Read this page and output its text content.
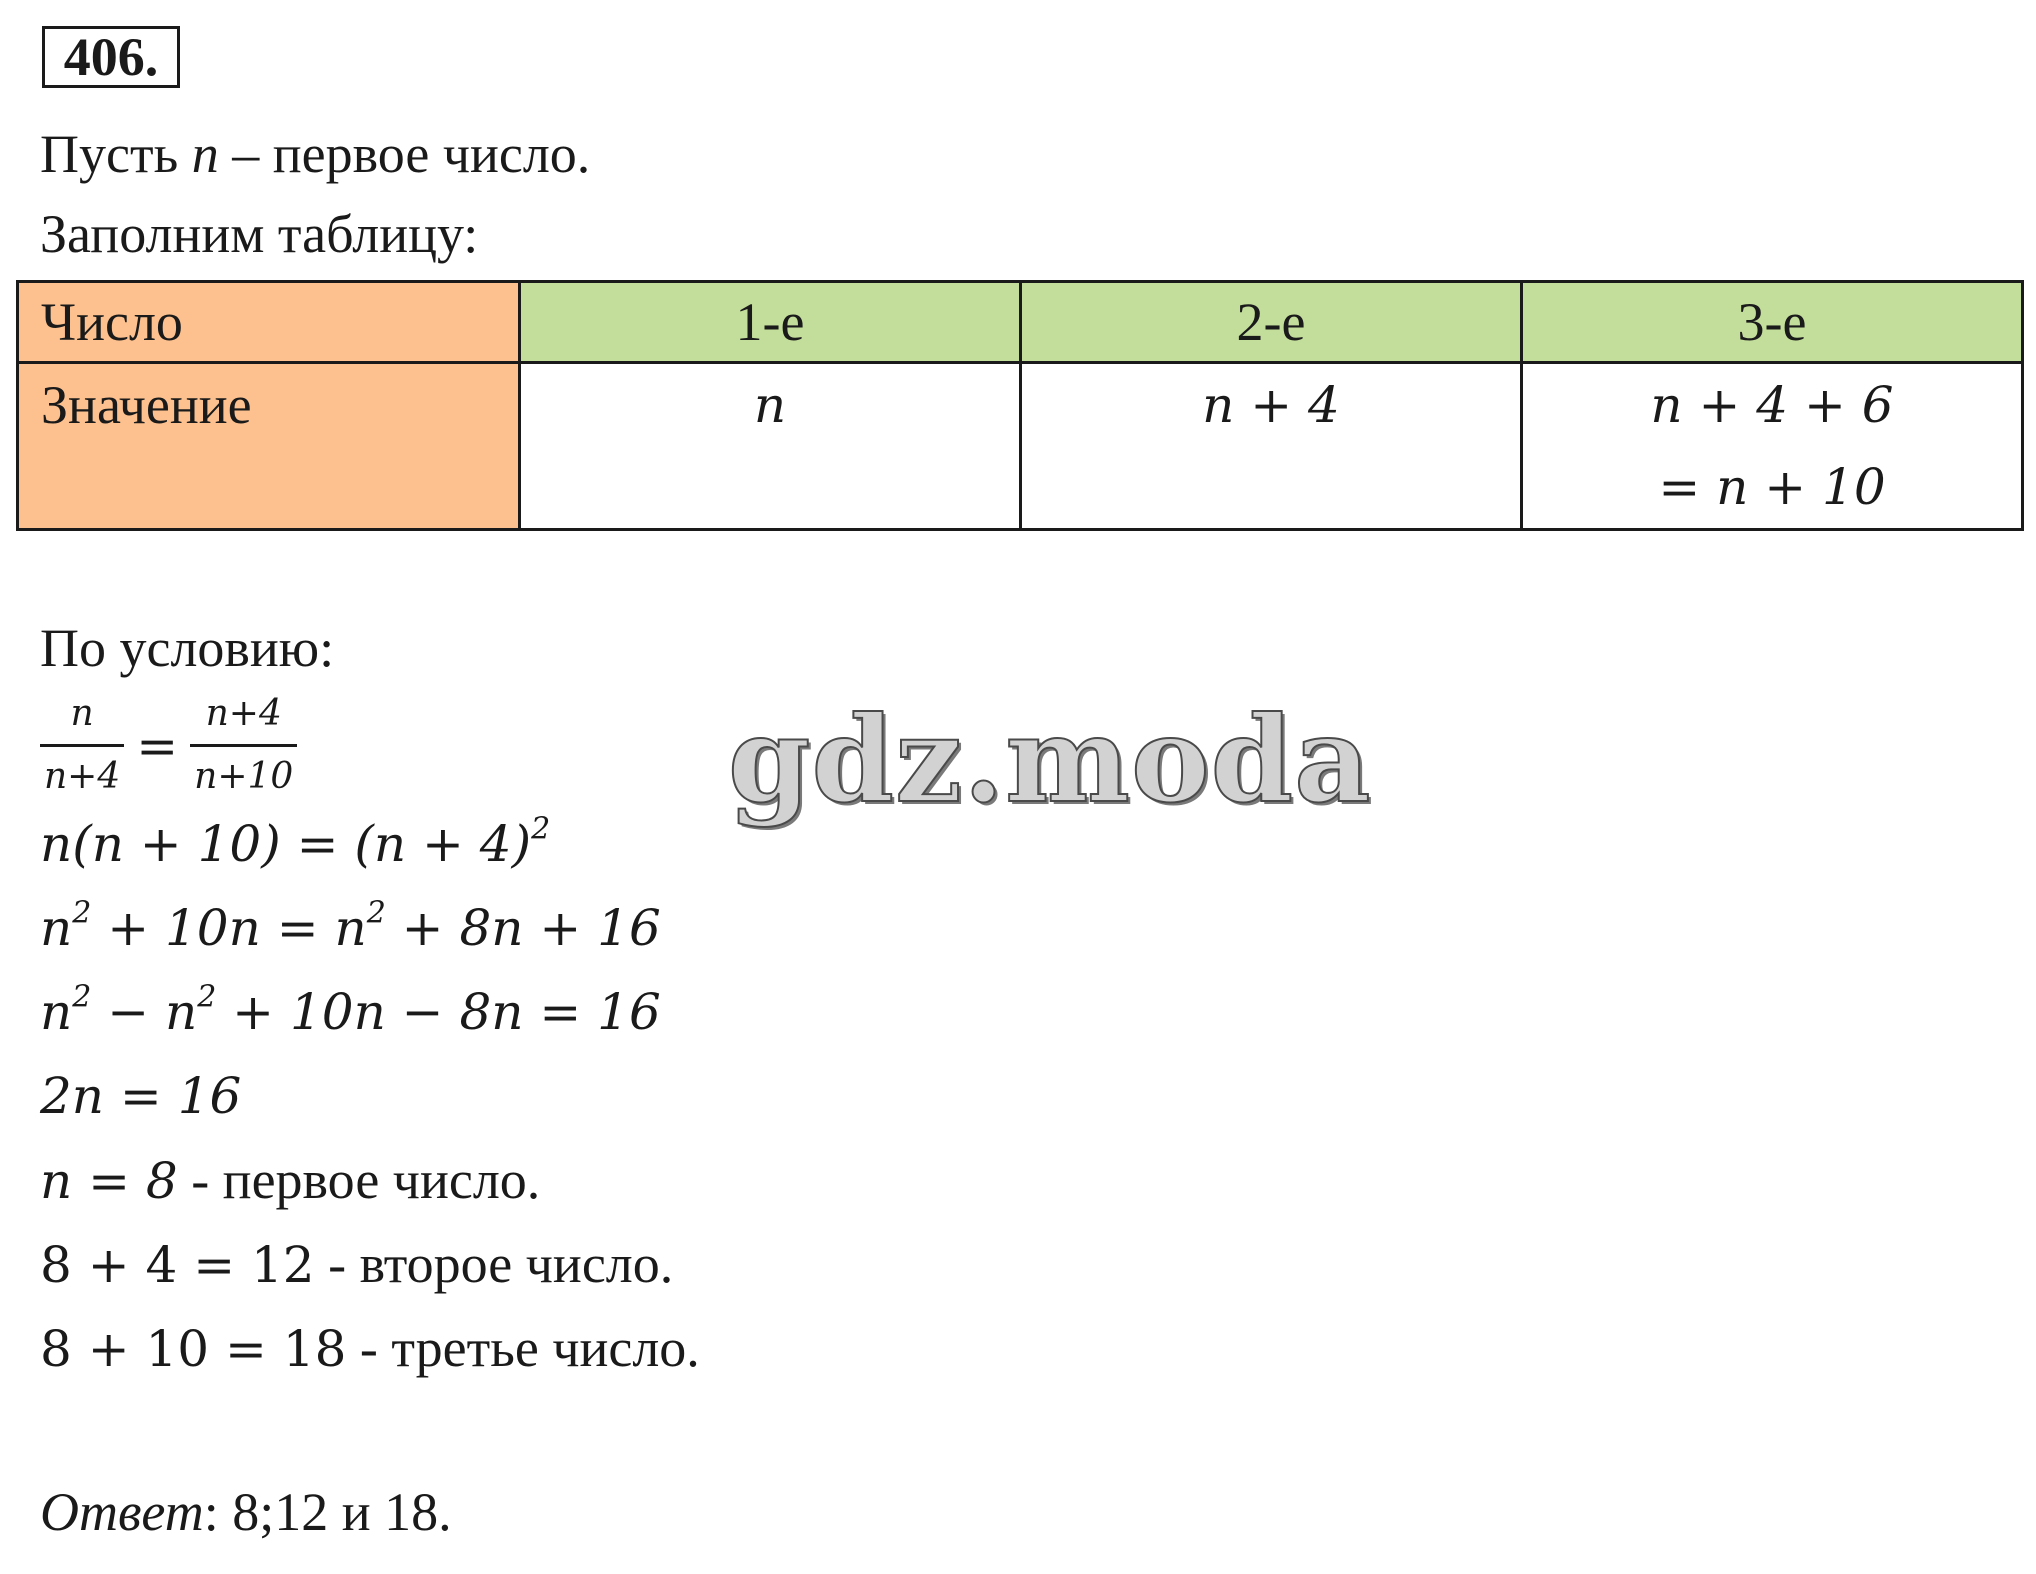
406.
Пусть n – первое число.
Заполним таблицу:
Число	1-е	2-е	3-е
Значение	n	n + 4	n + 4 + 6
= n + 10
По условию:
$\frac{n}{n+4} = \frac{n+4}{n+10}$
$n(n + 10) = (n + 4)^2$
$n^2 + 10n = n^2 + 8n + 16$
$n^2 - n^2 + 10n - 8n = 16$
2n = 16
n = 8 - первое число.
8 + 4 = 12 - второе число.
8 + 10 = 18 - третье число.
Ответ: 8;12 и 18.
gdz.moda
